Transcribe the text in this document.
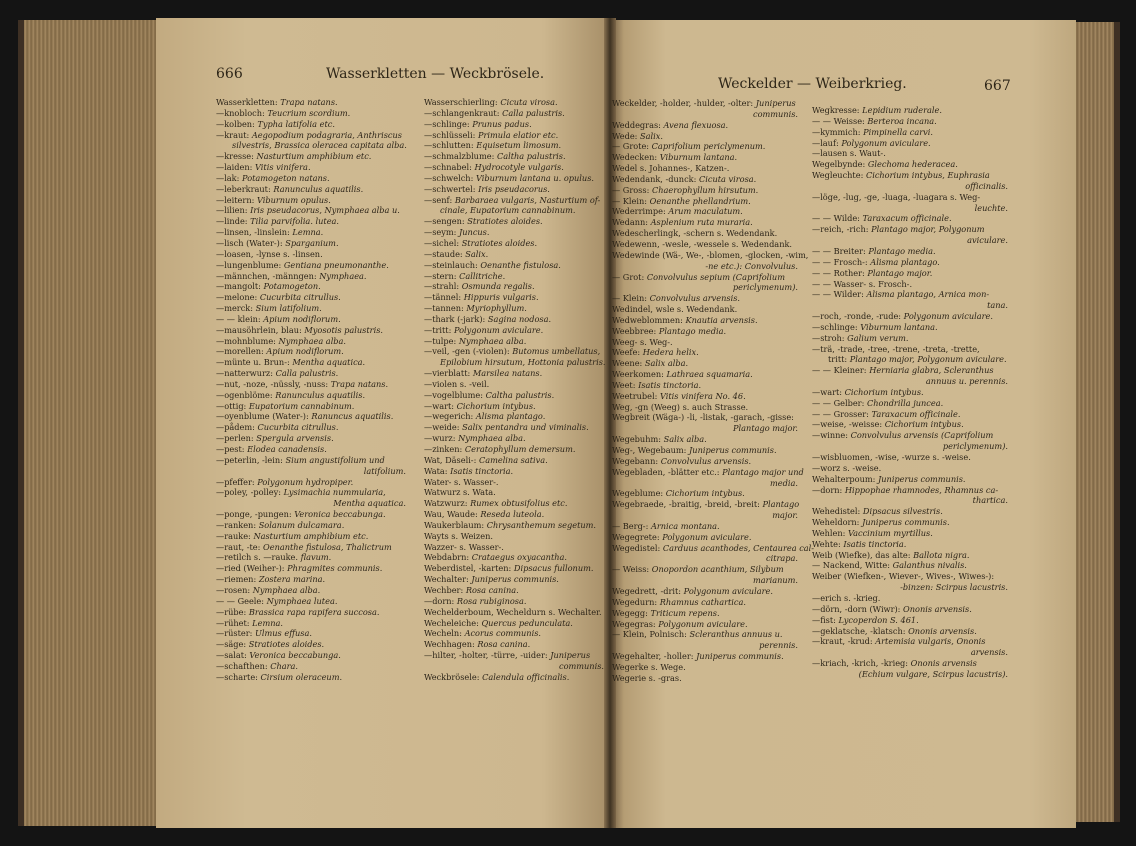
666	Wasserkletten — Weckbrösele.
Weckelder — Weiberkrieg.	667
Wasserkletten: Trapa natans.
—knobloch: Teucrium scordium.
—kolben: Typha latifolia etc.
—kraut: Aegopodium podagraria, Anthriscus
silvestris, Brassica oleracea capitata alba.
—kresse: Nasturtium amphibium etc.
—laiden: Vitis vinifera.
—lak: Potamogeton natans.
—leberkraut: Ranunculus aquatilis.
—leitern: Viburnum opulus.
—lilien: Iris pseudacorus, Nymphaea alba u.
—linde: Tilia parvifolia. lutea.
—linsen, -linslein: Lemna.
—lisch (Water-): Sparganium.
—loasen, -lynse s. -linsen.
—lungenblume: Gentiana pneumonanthe.
—männchen, -männgen: Nymphaea.
—mangolt: Potamogeton.
—melone: Cucurbita citrullus.
—merck: Sium latifolium.
— — klein: Apium nodiflorum.
—mausöhrlein, blau: Myosotis palustris.
—mohnblume: Nymphaea alba.
—morellen: Apium nodiflorum.
—münte u. Brun-: Mentha aquatica.
—natterwurz: Calla palustris.
—nut, -noze, -nüssly, -nuss: Trapa natans.
—ogenblöme: Ranunculus aquatilis.
—ottig: Eupatorium cannabinum.
—oyenblume (Water-): Ranuncus aquatilis.
—pådem: Cucurbita citrullus.
—perlen: Spergula arvensis.
—pest: Elodea canadensis.
—peterlin, -lein: Sium angustifolium und
latifolium.
—pfeffer: Polygonum hydropiper.
—poley, -polley: Lysimachia nummularia,
Mentha aquatica.
—ponge, -pungen: Veronica beccabunga.
—ranken: Solanum dulcamara.
—rauke: Nasturtium amphibium etc.
—raut, -te: Oenanthe fistulosa, Thalictrum
—retilch s. —rauke. flavum.
—ried (Weiher-): Phragmites communis.
—riemen: Zostera marina.
—rosen: Nymphaea alba.
— — Geele: Nymphaea lutea.
—rübe: Brassica rapa rapifera succosa.
—rühet: Lemna.
—rüster: Ulmus effusa.
—säge: Stratiotes aloides.
—salat: Veronica beccabunga.
—schafthen: Chara.
—scharte: Cirsium oleraceum.
Wasserschierling: Cicuta virosa.
—schlangenkraut: Calla palustris.
—schlinge: Prunus padus.
—schlüsseli: Primula elatior etc.
—schlutten: Equisetum limosum.
—schmalzblume: Caltha palustris.
—schnabel: Hydrocotyle vulgaris.
—schwelch: Viburnum lantana u. opulus.
—schwertel: Iris pseudacorus.
—senf: Barbaraea vulgaris, Nasturtium of-
cinale, Eupatorium cannabinum.
—sengen: Stratiotes aloides.
—seym: Juncus.
—sichel: Stratiotes aloides.
—staude: Salix.
—steinlauch: Oenanthe fistulosa.
—stern: Callitriche.
—strahl: Osmunda regalis.
—tännel: Hippuris vulgaris.
—tannen: Myriophyllum.
—thark (-jark): Sagina nodosa.
—tritt: Polygonum aviculare.
—tulpe: Nymphaea alba.
—veil, -gen (-violen): Butomus umbellatus,
Epilobium hirsutum, Hottonia palustris.
—vierblatt: Marsilea natans.
—violen s. -veil.
—vogelblume: Caltha palustris.
—wart: Cichorium intybus.
—wegerich: Alisma plantago.
—weide: Salix pentandra und viminalis.
—wurz: Nymphaea alba.
—zinken: Ceratophyllum demersum.
Wat, Däseli-: Camelina sativa.
Wata: Isatis tinctoria.
Water- s. Wasser-.
Watwurz s. Wata.
Watzwurz: Rumex obtusifolius etc.
Wau, Waude: Reseda luteola.
Waukerblaum: Chrysanthemum segetum.
Wayts s. Weizen.
Wazzer- s. Wasser-.
Webdabrn: Crataegus oxyacantha.
Weberdistel, -karten: Dipsacus fullonum.
Wechalter: Juniperus communis.
Wechber: Rosa canina.
—dorn: Rosa rubiginosa.
Wechelderboum, Wecheldurn s. Wechalter.
Wecheleiche: Quercus pedunculata.
Wecheln: Acorus communis.
Wechhagen: Rosa canina.
—hilter, -holter, -türre, -uider: Juniperus
communis.
Weckbrösele: Calendula officinalis.
Weckelder, -holder, -hulder, -olter: Juniperus
communis.
Weddegras: Avena flexuosa.
Wede: Salix.
— Grote: Caprifolium periclymenum.
Wedecken: Viburnum lantana.
Wedel s. Johannes-, Katzen-.
Wedendank, -dunck: Cicuta virosa.
— Gross: Chaerophyllum hirsutum.
— Klein: Oenanthe phellandrium.
Wederrimpe: Arum maculatum.
Wedann: Asplenium ruta muraria.
Wedescherlingk, -schern s. Wedendank.
Wedewenn, -wesle, -wessele s. Wedendank.
Wedewinde (Wä-, We-, -blomen, -glocken, -wim,
-ne etc.): Convolvulus.
— Grot: Convolvulus sepium (Caprifolium
periclymenum).
— Klein: Convolvulus arvensis.
Wedindel, wsle s. Wedendank.
Wedweblommen: Knautia arvensis.
Weebbree: Plantago media.
Weeg- s. Weg-.
Weefe: Hedera helix.
Weene: Salix alba.
Weerkomen: Lathraea squamaria.
Weet: Isatis tinctoria.
Weetrubel: Vitis vinifera No. 46.
Weg, -gn (Weeg) s. auch Strasse.
Wegbreit (Wäga-) -li, -listak, -garach, -gisse:
Plantago major.
Wegebuhm: Salix alba.
Weg-, Wegebaum: Juniperus communis.
Wegebann: Convolvulus arvensis.
Wegebladen, -blätter etc.: Plantago major und
media.
Wegeblume: Cichorium intybus.
Wegebraede, -braitig, -breid, -breit: Plantago
major.
— Berg-: Arnica montana.
Wegegrete: Polygonum aviculare.
Wegedistel: Carduus acanthodes, Centaurea cal-
citrapa.
— Weiss: Onopordon acanthium, Silybum
marianum.
Wegedrett, -drit: Polygonum aviculare.
Wegedurn: Rhamnus cathartica.
Wegegg: Triticum repens.
Wegegras: Polygonum aviculare.
— Klein, Polnisch: Scleranthus annuus u.
perennis.
Wegehalter, -holler: Juniperus communis.
Wegerke s. Wege.
Wegerie s. -gras.
Wegkresse: Lepidium ruderale.
— — Weisse: Berteroa incana.
—kymmich: Pimpinella carvi.
—lauf: Polygonum aviculare.
—lausen s. Waut-.
Wegelbynde: Glechoma hederacea.
Wegleuchte: Cichorium intybus, Euphrasia
officinalis.
—löge, -lug, -ge, -luaga, -luagara s. Weg-
leuchte.
— — Wilde: Taraxacum officinale.
—reich, -rich: Plantago major, Polygonum
aviculare.
— — Breiter: Plantago media.
— — Frosch-: Alisma plantago.
— — Rother: Plantago major.
— — Wasser- s. Frosch-.
— — Wilder: Alisma plantago, Arnica mon-
tana.
—roch, -ronde, -rude: Polygonum aviculare.
—schlinge: Viburnum lantana.
—stroh: Galium verum.
—trä, -trade, -tree, -trene, -treta, -trette,
tritt: Plantago major, Polygonum aviculare.
— — Kleiner: Herniaria glabra, Scleranthus
annuus u. perennis.
—wart: Cichorium intybus.
— — Gelber: Chondrilla juncea.
— — Grosser: Taraxacum officinale.
—weise, -weisse: Cichorium intybus.
—winne: Convolvulus arvensis (Caprifolium
periclymenum).
—wisbluomen, -wise, -wurze s. -weise.
—worz s. -weise.
Wehalterpoum: Juniperus communis.
—dorn: Hippophae rhamnodes, Rhamnus ca-
thartica.
Wehedistel: Dipsacus silvestris.
Weheldorn: Juniperus communis.
Wehlen: Vaccinium myrtillus.
Wehte: Isatis tinctoria.
Weib (Wiefke), das alte: Ballota nigra.
— Nackend, Witte: Galanthus nivalis.
Weiber (Wiefken-, Wiever-, Wives-, Wiwes-):
-binzen: Scirpus lacustris.
—erich s. -krieg.
—dörn, -dorn (Wiwr): Ononis arvensis.
—fist: Lycoperdon S. 461.
—geklatsche, -klatsch: Ononis arvensis.
—kraut, -krud: Artemisia vulgaris, Ononis
arvensis.
—kriach, -krich, -krieg: Ononis arvensis
(Echium vulgare, Scirpus lacustris).
